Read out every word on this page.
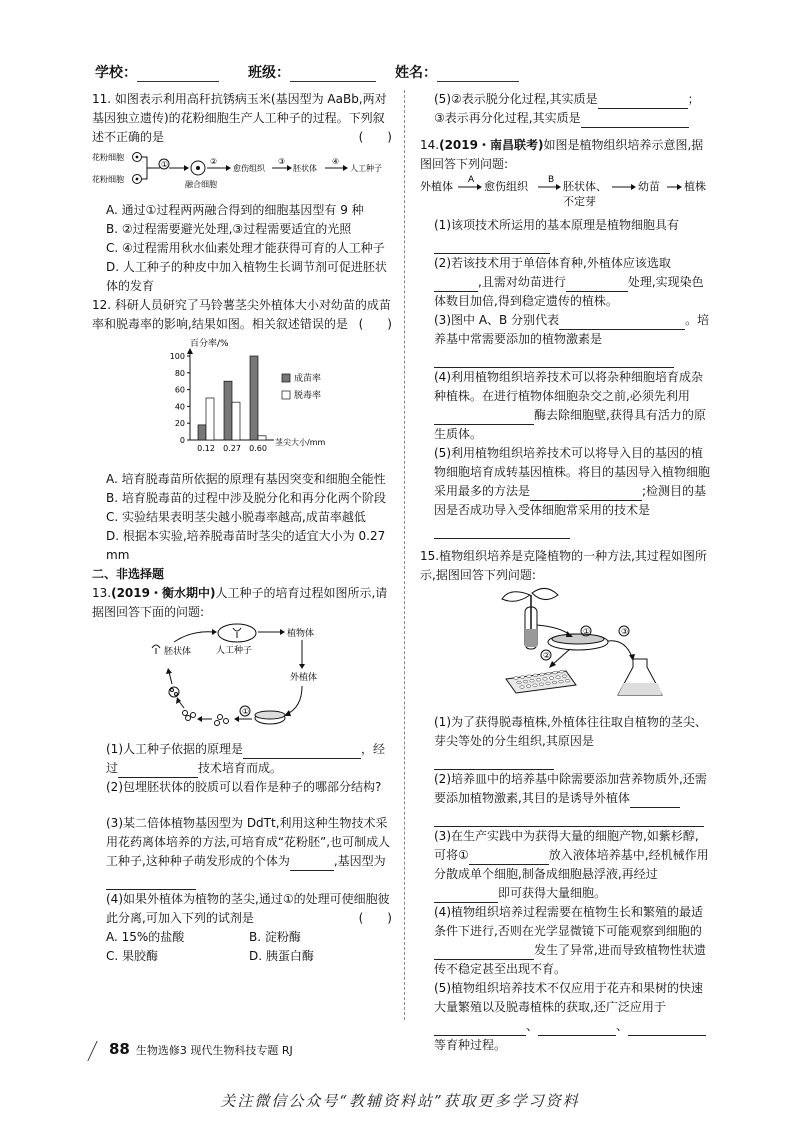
学校：	班级：	姓名：

11. 如图表示利用高秆抗锈病玉米(基因型为 AaBb,两对基因独立遗传)的花粉细胞生产人工种子的过程。下列叙述不正确的是	(　　)

花粉细胞
花粉细胞
①
融合细胞
②
愈伤组织
③
胚状体
④
人工种子

A. 通过①过程两两融合得到的细胞基因型有 9 种

B. ②过程需要避光处理,③过程需要适宜的光照

C. ④过程需用秋水仙素处理才能获得可育的人工种子

D. 人工种子的种皮中加入植物生长调节剂可促进胚状体的发育

12. 科研人员研究了马铃薯茎尖外植体大小对幼苗的成苗率和脱毒率的影响,结果如图。相关叙述错误的是 (　　)

百分率/%
茎尖大小/mm
成苗率
脱毒率
0
20
40
60
80
100
0.12 0.27 0.60

A. 培育脱毒苗所依据的原理有基因突变和细胞全能性

B. 培育脱毒苗的过程中涉及脱分化和再分化两个阶段

C. 实验结果表明茎尖越小脱毒率越高,成苗率越低

D. 根据本实验,培养脱毒苗时茎尖的适宜大小为 0.27 mm

二、非选择题

13.(2019・衡水期中)人工种子的培育过程如图所示,请据图回答下面的问题:

人工种子
植物体
胚状体
外植体
①

(1)人工种子依据的原理是	，经过	技术培育而成。

(2)包埋胚状体的胶质可以看作是种子的哪部分结构?

(3)某二倍体植物基因型为 DdTt,利用这种生物技术采用花药离体培养的方法,可培育成“花粉胚”,也可制成人工种子,这种种子萌发形成的个体为	,基因型为

(4)如果外植体为植物的茎尖,通过①的处理可使细胞彼此分离,可加入下列的试剂是	(　　)

A. 15%的盐酸	B. 淀粉酶
C. 果胶酶	D. 胰蛋白酶

(5)②表示脱分化过程,其实质是	；

③表示再分化过程,其实质是

14.(2019・南昌联考)如图是植物组织培养示意图,据图回答下列问题:

外植体 A 愈伤组织 B 胚状体、
不定芽
幼苗 植株

(1)该项技术所运用的基本原理是植物细胞具有

(2)若该技术用于单倍体育种,外植体应该选取,且需对幼苗进行	处理,实现染色体数目加倍,得到稳定遗传的植株。

(3)图中 A、B 分别代表	。培养基中常需要添加的植物激素是

(4)利用植物组织培养技术可以将杂种细胞培育成杂种植株。在进行植物体细胞杂交之前,必须先利用酶去除细胞壁,获得具有活力的原生质体。

(5)利用植物组织培养技术可以将导入目的基因的植物细胞培育成转基因植株。将目的基因导入植物细胞采用最多的方法是	;检测目的基因是否成功导入受体细胞常采用的技术是

15.植物组织培养是克隆植物的一种方法,其过程如图所示,据图回答下列问题:

①
②
③

(1)为了获得脱毒植株,外植体往往取自植物的茎尖、芽尖等处的分生组织,其原因是

(2)培养皿中的培养基中除需要添加营养物质外,还需要添加植物激素,其目的是诱导外植体

(3)在生产实践中为获得大量的细胞产物,如紫杉醇,可将①	放入液体培养基中,经机械作用分散成单个细胞,制备成细胞悬浮液,再经过即可获得大量细胞。

(4)植物组织培养过程需要在植物生长和繁殖的最适条件下进行,否则在光学显微镜下可能观察到细胞的发生了异常,进而导致植物性状遗传不稳定甚至出现不育。

(5)植物组织培养技术不仅应用于花卉和果树的快速大量繁殖以及脱毒植株的获取,还广泛应用于、	、等育种过程。

88 生物选修3 现代生物科技专题 RJ
关注微信公众号“教辅资料站”获取更多学习资料
